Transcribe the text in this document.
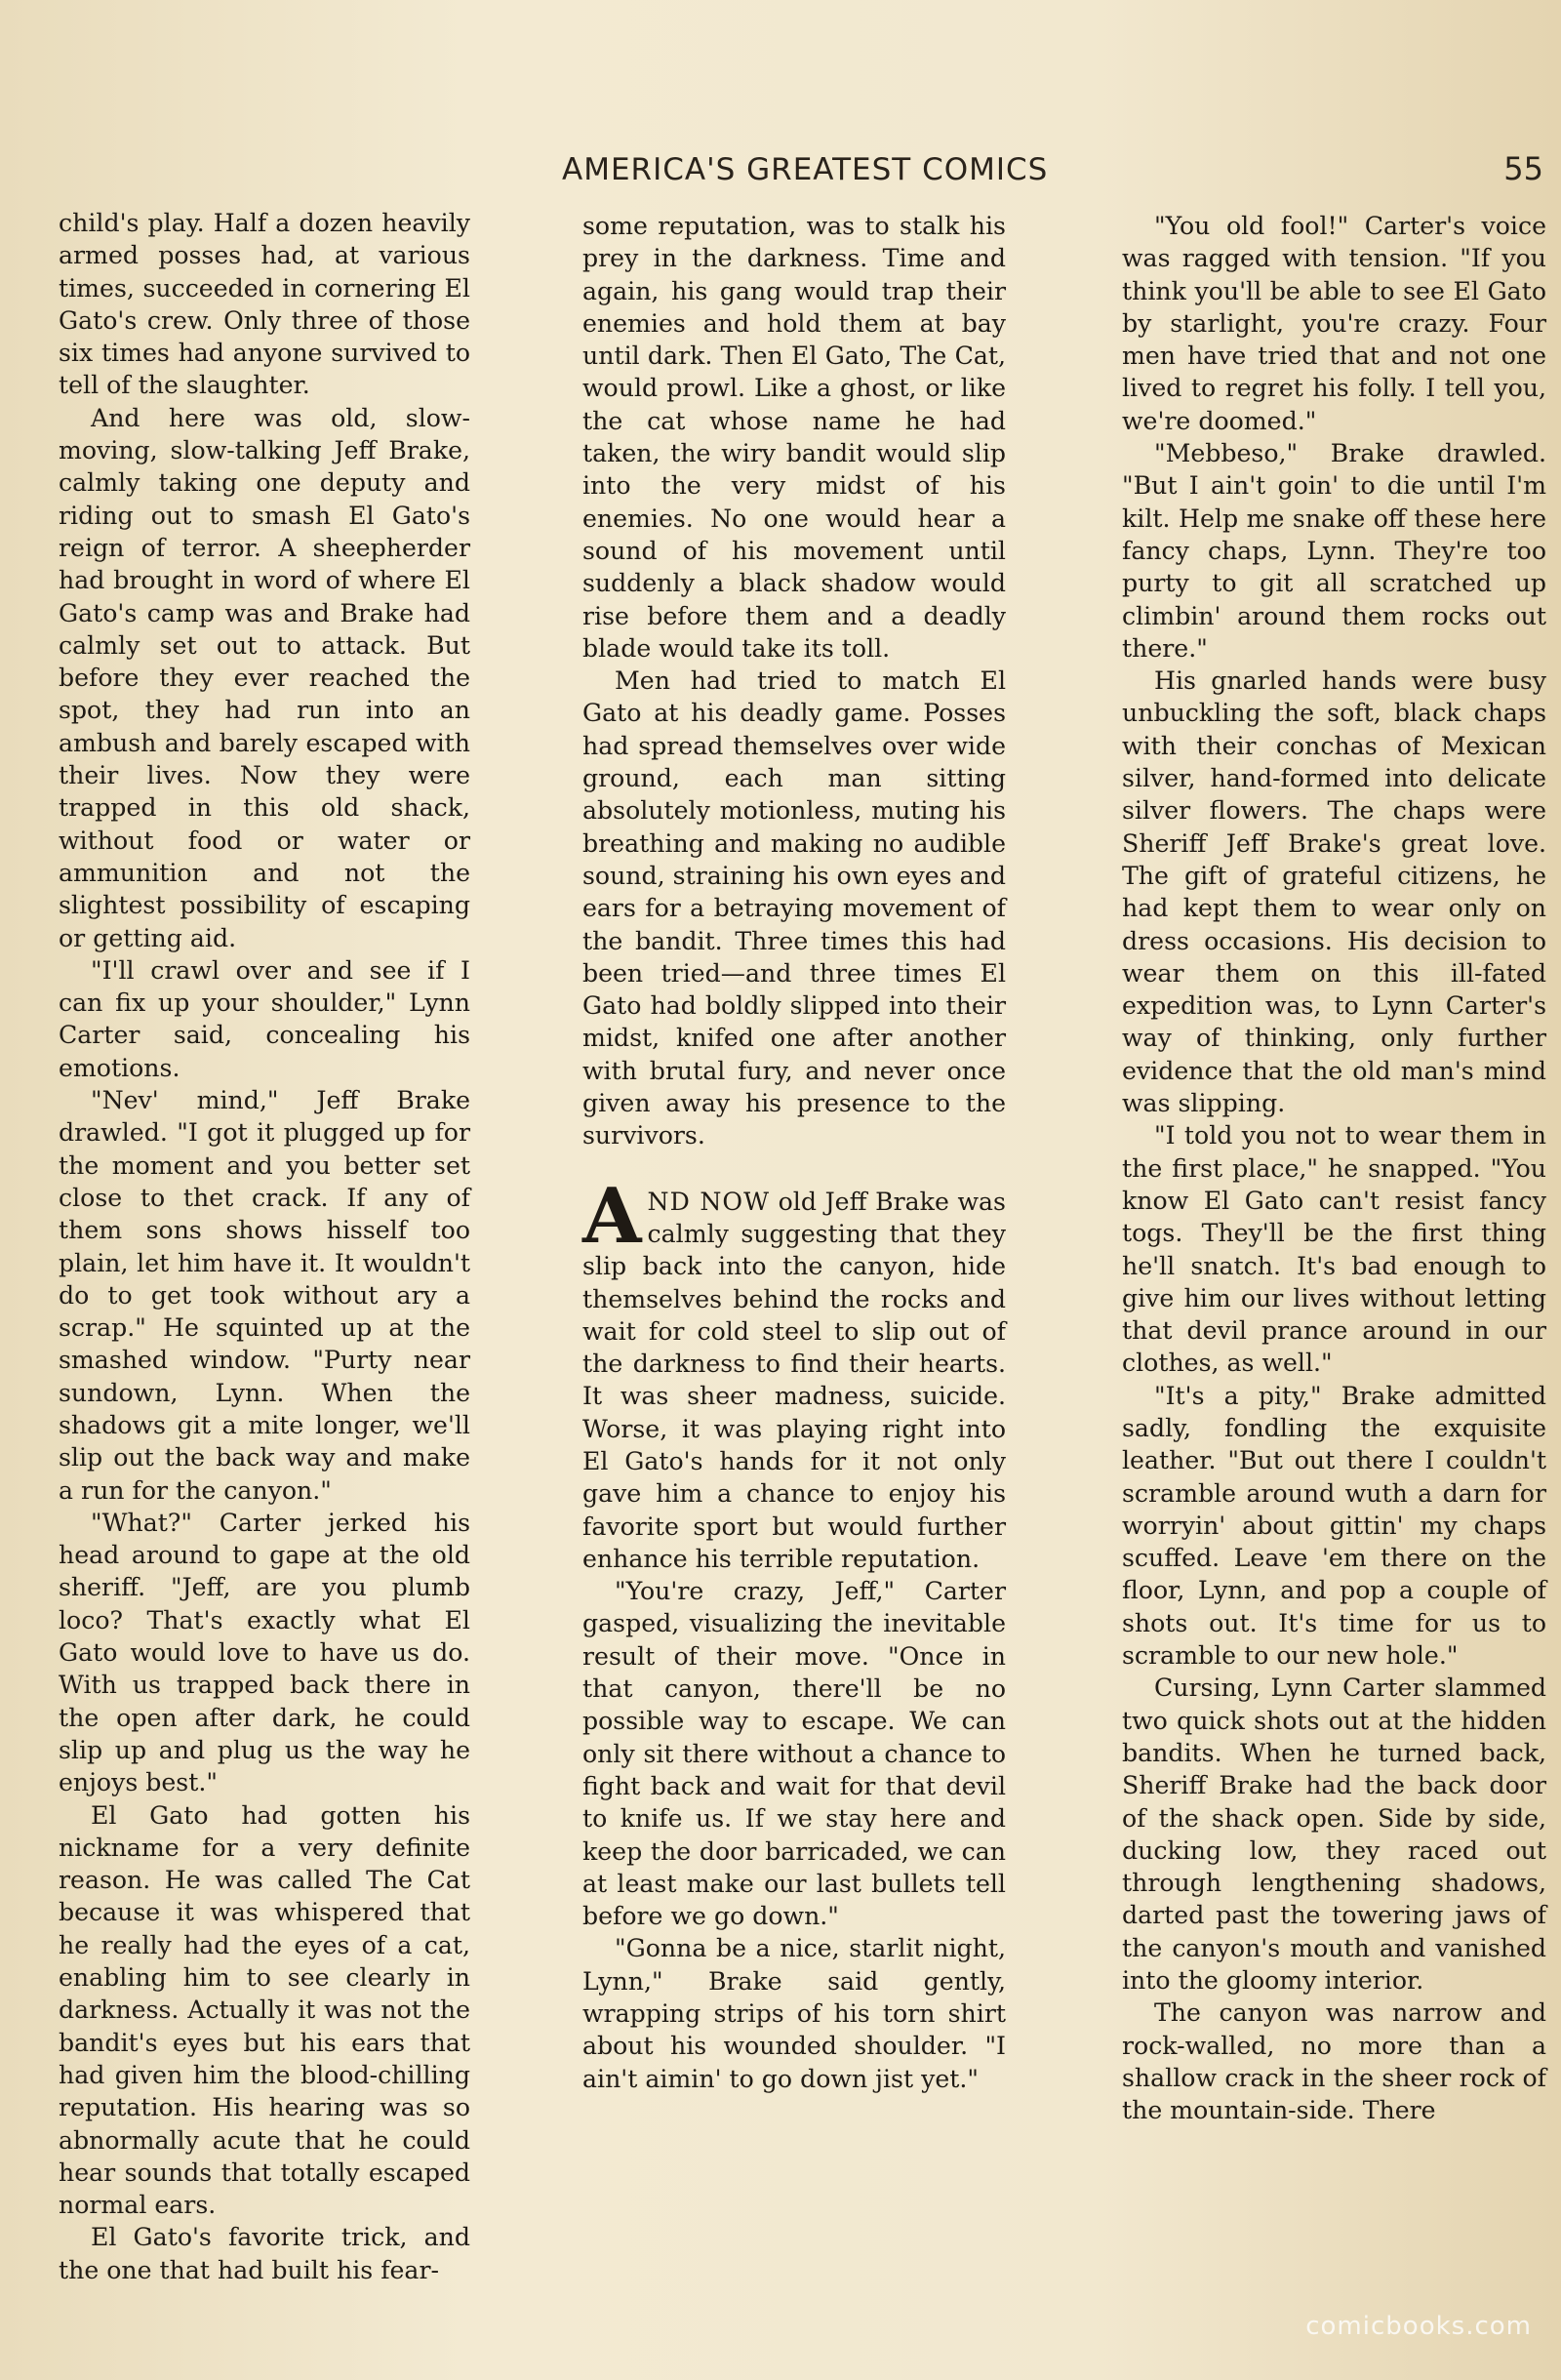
AMERICA'S GREATEST COMICS	55

child's play. Half a dozen heavily armed posses had, at various times, succeeded in cornering El Gato's crew. Only three of those six times had anyone survived to tell of the slaughter.

And here was old, slow-moving, slow-talking Jeff Brake, calmly taking one deputy and riding out to smash El Gato's reign of terror. A sheepherder had brought in word of where El Gato's camp was and Brake had calmly set out to attack. But before they ever reached the spot, they had run into an ambush and barely escaped with their lives. Now they were trapped in this old shack, without food or water or ammunition and not the slightest possibility of escaping or getting aid.

"I'll crawl over and see if I can fix up your shoulder," Lynn Carter said, concealing his emotions.

"Nev' mind," Jeff Brake drawled. "I got it plugged up for the moment and you better set close to thet crack. If any of them sons shows hisself too plain, let him have it. It wouldn't do to get took without ary a scrap." He squinted up at the smashed window. "Purty near sundown, Lynn. When the shadows git a mite longer, we'll slip out the back way and make a run for the canyon."

"What?" Carter jerked his head around to gape at the old sheriff. "Jeff, are you plumb loco? That's exactly what El Gato would love to have us do. With us trapped back there in the open after dark, he could slip up and plug us the way he enjoys best."

El Gato had gotten his nickname for a very definite reason. He was called The Cat because it was whispered that he really had the eyes of a cat, enabling him to see clearly in darkness. Actually it was not the bandit's eyes but his ears that had given him the blood-chilling reputation. His hearing was so abnormally acute that he could hear sounds that totally escaped normal ears.

El Gato's favorite trick, and the one that had built his fear-

some reputation, was to stalk his prey in the darkness. Time and again, his gang would trap their enemies and hold them at bay until dark. Then El Gato, The Cat, would prowl. Like a ghost, or like the cat whose name he had taken, the wiry bandit would slip into the very midst of his enemies. No one would hear a sound of his movement until suddenly a black shadow would rise before them and a deadly blade would take its toll.

Men had tried to match El Gato at his deadly game. Posses had spread themselves over wide ground, each man sitting absolutely motionless, muting his breathing and making no audible sound, straining his own eyes and ears for a betraying movement of the bandit. Three times this had been tried—and three times El Gato had boldly slipped into their midst, knifed one after another with brutal fury, and never once given away his presence to the survivors.

AND NOW old Jeff Brake was calmly suggesting that they slip back into the canyon, hide themselves behind the rocks and wait for cold steel to slip out of the darkness to find their hearts. It was sheer madness, suicide. Worse, it was playing right into El Gato's hands for it not only gave him a chance to enjoy his favorite sport but would further enhance his terrible reputation.

"You're crazy, Jeff," Carter gasped, visualizing the inevitable result of their move. "Once in that canyon, there'll be no possible way to escape. We can only sit there without a chance to fight back and wait for that devil to knife us. If we stay here and keep the door barricaded, we can at least make our last bullets tell before we go down."

"Gonna be a nice, starlit night, Lynn," Brake said gently, wrapping strips of his torn shirt about his wounded shoulder. "I ain't aimin' to go down jist yet."

"You old fool!" Carter's voice was ragged with tension. "If you think you'll be able to see El Gato by starlight, you're crazy. Four men have tried that and not one lived to regret his folly. I tell you, we're doomed."

"Mebbeso," Brake drawled. "But I ain't goin' to die until I'm kilt. Help me snake off these here fancy chaps, Lynn. They're too purty to git all scratched up climbin' around them rocks out there."

His gnarled hands were busy unbuckling the soft, black chaps with their conchas of Mexican silver, hand-formed into delicate silver flowers. The chaps were Sheriff Jeff Brake's great love. The gift of grateful citizens, he had kept them to wear only on dress occasions. His decision to wear them on this ill-fated expedition was, to Lynn Carter's way of thinking, only further evidence that the old man's mind was slipping.

"I told you not to wear them in the first place," he snapped. "You know El Gato can't resist fancy togs. They'll be the first thing he'll snatch. It's bad enough to give him our lives without letting that devil prance around in our clothes, as well."

"It's a pity," Brake admitted sadly, fondling the exquisite leather. "But out there I couldn't scramble around wuth a darn for worryin' about gittin' my chaps scuffed. Leave 'em there on the floor, Lynn, and pop a couple of shots out. It's time for us to scramble to our new hole."

Cursing, Lynn Carter slammed two quick shots out at the hidden bandits. When he turned back, Sheriff Brake had the back door of the shack open. Side by side, ducking low, they raced out through lengthening shadows, darted past the towering jaws of the canyon's mouth and vanished into the gloomy interior.

The canyon was narrow and rock-walled, no more than a shallow crack in the sheer rock of the mountain-side. There

comicbooks.com
